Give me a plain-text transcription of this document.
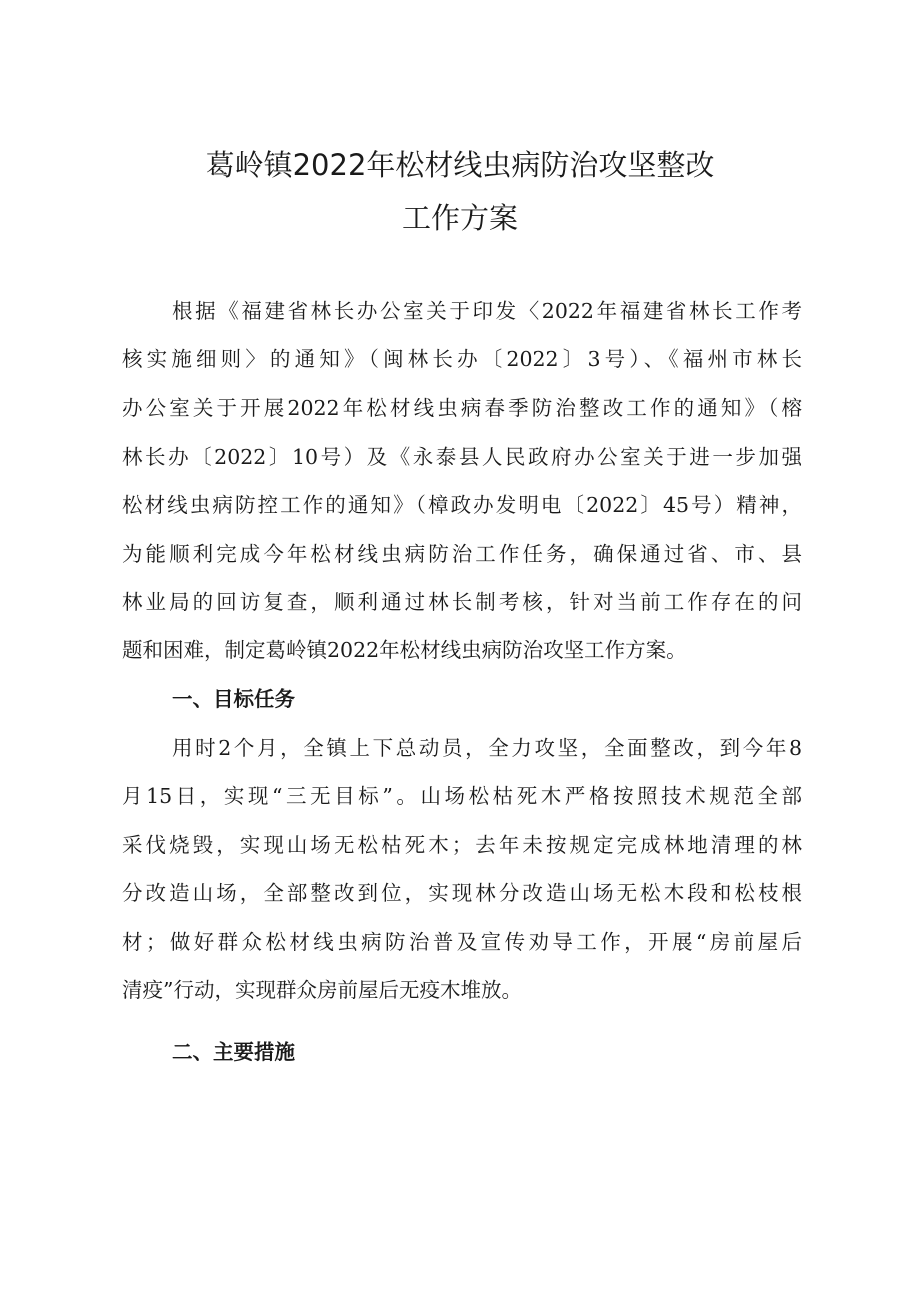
葛岭镇2022年松材线虫病防治攻坚整改
工作方案

根据《福建省林长办公室关于印发〈2022年福建省林长工作考

核实施细则〉的通知》（闽林长办〔2022〕3号）、《福州市林长

办公室关于开展2022年松材线虫病春季防治整改工作的通知》（榕

林长办〔2022〕10号）及《永泰县人民政府办公室关于进一步加强

松材线虫病防控工作的通知》（樟政办发明电〔2022〕45号）精神，

为能顺利完成今年松材线虫病防治工作任务，确保通过省、市、县

林业局的回访复查，顺利通过林长制考核，针对当前工作存在的问

题和困难，制定葛岭镇2022年松材线虫病防治攻坚工作方案。

一、目标任务

用时2个月，全镇上下总动员，全力攻坚，全面整改，到今年8

月15日，实现“三无目标”。山场松枯死木严格按照技术规范全部

采伐烧毁，实现山场无松枯死木；去年未按规定完成林地清理的林

分改造山场，全部整改到位，实现林分改造山场无松木段和松枝根

材；做好群众松材线虫病防治普及宣传劝导工作，开展“房前屋后

清疫”行动，实现群众房前屋后无疫木堆放。

二、主要措施
